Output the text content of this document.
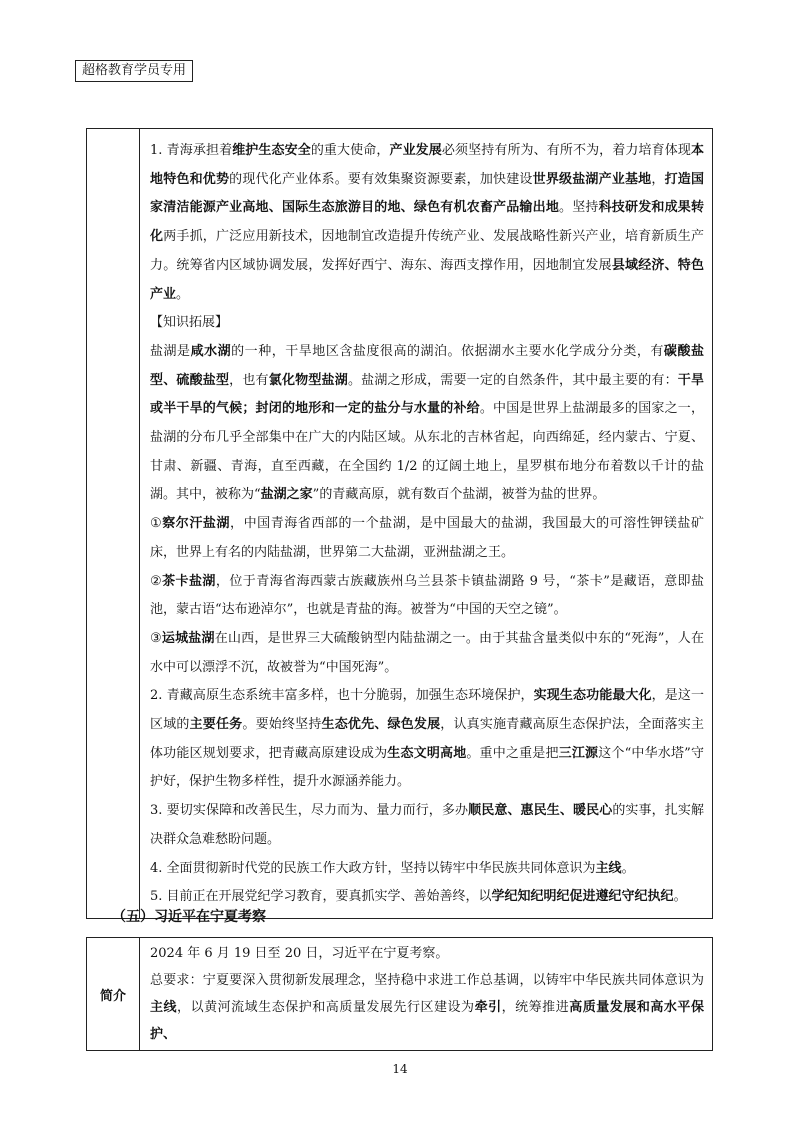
超格教育学员专用

1. 青海承担着维护生态安全的重大使命，产业发展必须坚持有所为、有所不为，着力培育体现本地特色和优势的现代化产业体系。要有效集聚资源要素，加快建设世界级盐湖产业基地，打造国家清洁能源产业高地、国际生态旅游目的地、绿色有机农畜产品输出地。坚持科技研发和成果转化两手抓，广泛应用新技术，因地制宜改造提升传统产业、发展战略性新兴产业，培育新质生产力。统筹省内区域协调发展，发挥好西宁、海东、海西支撑作用，因地制宜发展县域经济、特色产业。

【知识拓展】

盐湖是咸水湖的一种，干旱地区含盐度很高的湖泊。依据湖水主要水化学成分分类，有碳酸盐型、硫酸盐型，也有氯化物型盐湖。盐湖之形成，需要一定的自然条件，其中最主要的有：干旱或半干旱的气候；封闭的地形和一定的盐分与水量的补给。中国是世界上盐湖最多的国家之一，盐湖的分布几乎全部集中在广大的内陆区域。从东北的吉林省起，向西绵延，经内蒙古、宁夏、甘肃、新疆、青海，直至西藏，在全国约 1/2 的辽阔土地上，星罗棋布地分布着数以千计的盐湖。其中，被称为“盐湖之家”的青藏高原，就有数百个盐湖，被誉为盐的世界。

①察尔汗盐湖，中国青海省西部的一个盐湖，是中国最大的盐湖，我国最大的可溶性钾镁盐矿床，世界上有名的内陆盐湖，世界第二大盐湖，亚洲盐湖之王。

②茶卡盐湖，位于青海省海西蒙古族藏族州乌兰县茶卡镇盐湖路 9 号，“茶卡”是藏语，意即盐池，蒙古语“达布逊淖尔”，也就是青盐的海。被誉为“中国的天空之镜”。

③运城盐湖在山西，是世界三大硫酸钠型内陆盐湖之一。由于其盐含量类似中东的“死海”，人在水中可以漂浮不沉，故被誉为“中国死海”。

2. 青藏高原生态系统丰富多样，也十分脆弱，加强生态环境保护，实现生态功能最大化，是这一区域的主要任务。要始终坚持生态优先、绿色发展，认真实施青藏高原生态保护法，全面落实主体功能区规划要求，把青藏高原建设成为生态文明高地。重中之重是把三江源这个“中华水塔”守护好，保护生物多样性，提升水源涵养能力。

3. 要切实保障和改善民生，尽力而为、量力而行，多办顺民意、惠民生、暖民心的实事，扎实解决群众急难愁盼问题。

4. 全面贯彻新时代党的民族工作大政方针，坚持以铸牢中华民族共同体意识为主线。

5. 目前正在开展党纪学习教育，要真抓实学、善始善终，以学纪知纪明纪促进遵纪守纪执纪。

（五）习近平在宁夏考察
简介	

2024 年 6 月 19 日至 20 日，习近平在宁夏考察。

总要求：宁夏要深入贯彻新发展理念，坚持稳中求进工作总基调，以铸牢中华民族共同体意识为主线，以黄河流域生态保护和高质量发展先行区建设为牵引，统筹推进高质量发展和高水平保护、

14
